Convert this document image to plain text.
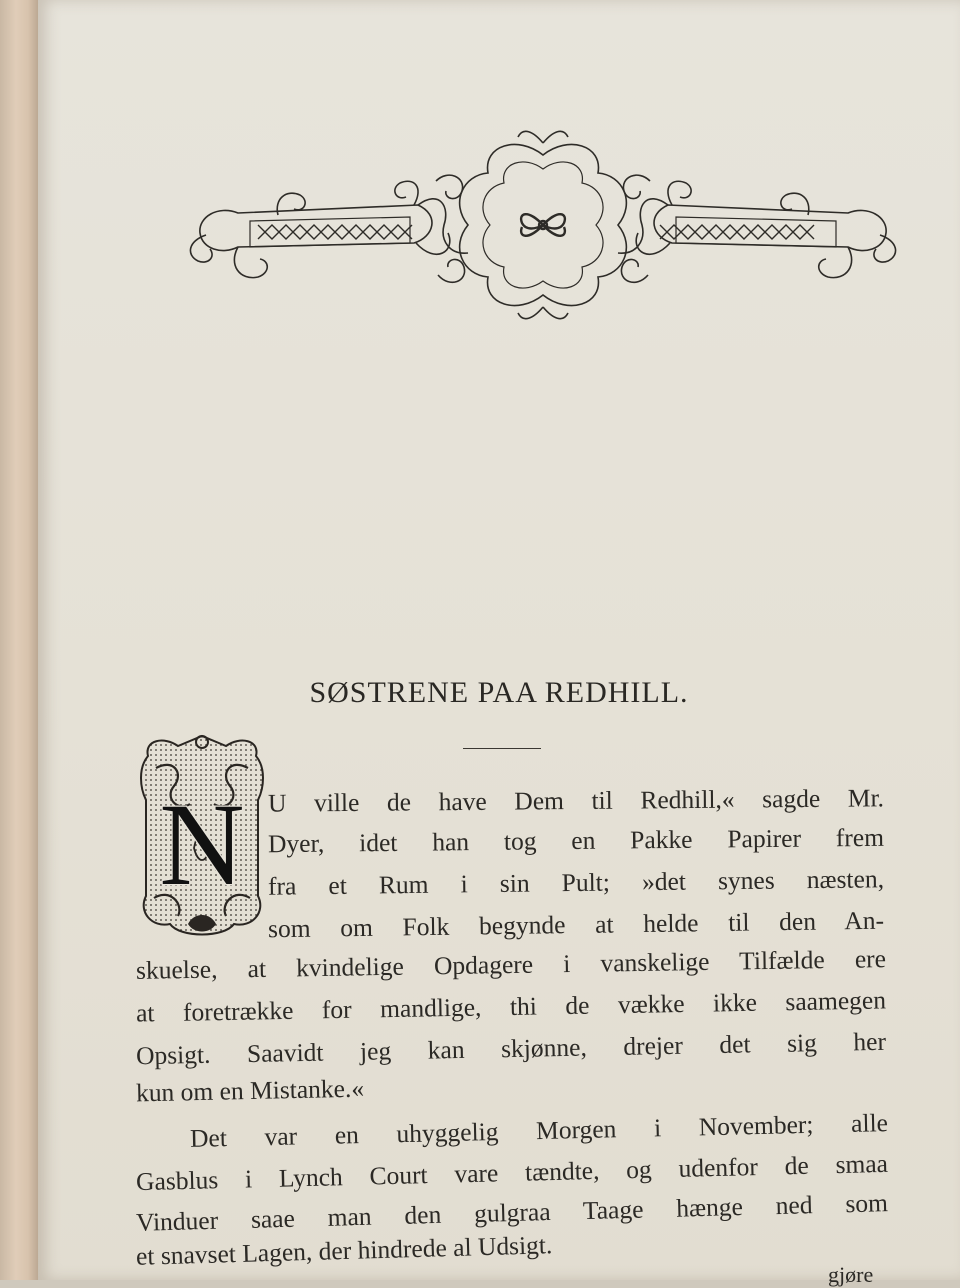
SØSTRENE PAA REDHILL.
N U ville de have Dem til Redhill,« sagde Mr.
Dyer, idet han tog en Pakke Papirer frem
fra et Rum i sin Pult; »det synes næsten,
som om Folk begynde at helde til den An-
skuelse, at kvindelige Opdagere i vanskelige Tilfælde ere
at foretrække for mandlige, thi de vække ikke saamegen
Opsigt. Saavidt jeg kan skjønne, drejer det sig her
kun om en Mistanke.«
Det var en uhyggelig Morgen i November; alle
Gasblus i Lynch Court vare tændte, og udenfor de smaa
Vinduer saae man den gulgraa Taage hænge ned som
et snavset Lagen, der hindrede al Udsigt.
gjøre
